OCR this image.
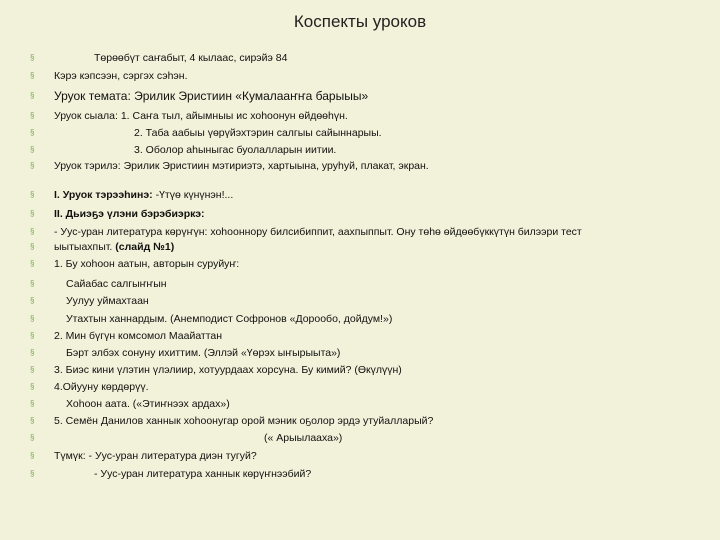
Коспекты уроков
§
Төрөөбүт саҥабыт, 4 кылаас, сирэйэ 84
§
Кэрэ кэпсээн, сэргэх сэһэн.
§
Уруок темата: Эрилик Эристиин «Кумалааҥҥа барыыы»
§
Уруок сыала: 1. Саҥа тыл, айымныы ис хоһоонун өйдөөһүн.
§
2. Таба аабыы үөрүйэхтэрин салгыы сайыннарыы.
§
3. Оболор аһыныгас буолалларын иитии.
§
Уруок тэрилэ: Эрилик Эристиин мэтириэтэ, хартыына, уруһуй, плакат, экран.
§
I. Уруок тэрээһинэ: -Үтүө күнүнэн!...
§
II. Дьиэҕэ үлэни бэрэбиэркэ:
§
- Уус-уран литература көрүҥүн: хоһооннору билсибиппит, аахпыппыт. Ону төһө өйдөөбүккүтүн билээри тест
§
ыытыахпыт. (слайд №1)
§
1. Бу хоһоон аатын, авторын суруйуҥ:
§
Сайабас салгыҥҥын
§
Уулуу уймахтаан
§
Утахтын ханнардым. (Анемподист Софронов «Дорообо, дойдум!»)
§
2. Мин бүгүн комсомол Маайаттан
§
Бэрт элбэх сонуну ихиттим. (Эллэй «Үөрэх ыҥырыыта»)
§
3. Биэс кини үлэтин үлэлиир, хотуурдаах хорсуна. Бу кимий? (Өкүлүүн)
§
4.Ойууну көрдөрүү.
§
Хоһоон аата. («Этиҥнээх ардах»)
§
5. Семён Данилов ханнык хоһоонугар орой мэник оҕолор эрдэ утуйалларый?
§
(« Арыылааха»)
§
Түмүк: - Уус-уран литература диэн тугуй?
§
- Уус-уран литература ханнык көрүҥнээбий?
